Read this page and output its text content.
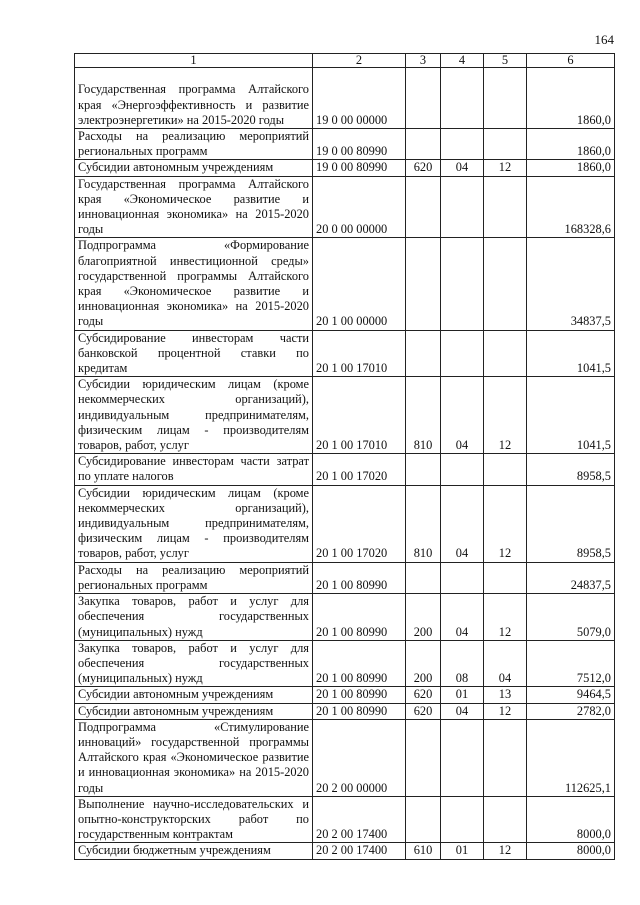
164
1	2	3	4	5	6
Государственная программа Алтайского края «Энергоэффективность и развитие электроэнергетики» на 2015-2020 годы	19 0 00 00000				1860,0
Расходы на реализацию мероприятий региональных программ	19 0 00 80990				1860,0
Субсидии автономным учреждениям	19 0 00 80990	620	04	12	1860,0
Государственная программа Алтайского края «Экономическое развитие и инновационная экономика» на 2015-2020 годы	20 0 00 00000				168328,6
Подпрограмма «Формирование благоприятной инвестиционной среды» государственной программы Алтайского края «Экономическое развитие и инновационная экономика» на 2015-2020 годы	20 1 00 00000				34837,5
Субсидирование инвесторам части банковской процентной ставки по кредитам	20 1 00 17010				1041,5
Субсидии юридическим лицам (кроме некоммерческих организаций), индивидуальным предпринимателям, физическим лицам - производителям товаров, работ, услуг	20 1 00 17010	810	04	12	1041,5
Субсидирование инвесторам части затрат по уплате налогов	20 1 00 17020				8958,5
Субсидии юридическим лицам (кроме некоммерческих организаций), индивидуальным предпринимателям, физическим лицам - производителям товаров, работ, услуг	20 1 00 17020	810	04	12	8958,5
Расходы на реализацию мероприятий региональных программ	20 1 00 80990				24837,5
Закупка товаров, работ и услуг для обеспечения государственных (муниципальных) нужд	20 1 00 80990	200	04	12	5079,0
Закупка товаров, работ и услуг для обеспечения государственных (муниципальных) нужд	20 1 00 80990	200	08	04	7512,0
Субсидии автономным учреждениям	20 1 00 80990	620	01	13	9464,5
Субсидии автономным учреждениям	20 1 00 80990	620	04	12	2782,0
Подпрограмма «Стимулирование инноваций» государственной программы Алтайского края «Экономическое развитие и инновационная экономика» на 2015-2020 годы	20 2 00 00000				112625,1
Выполнение научно-исследовательских и опытно-конструкторских работ по государственным контрактам	20 2 00 17400				8000,0
Субсидии бюджетным учреждениям	20 2 00 17400	610	01	12	8000,0
